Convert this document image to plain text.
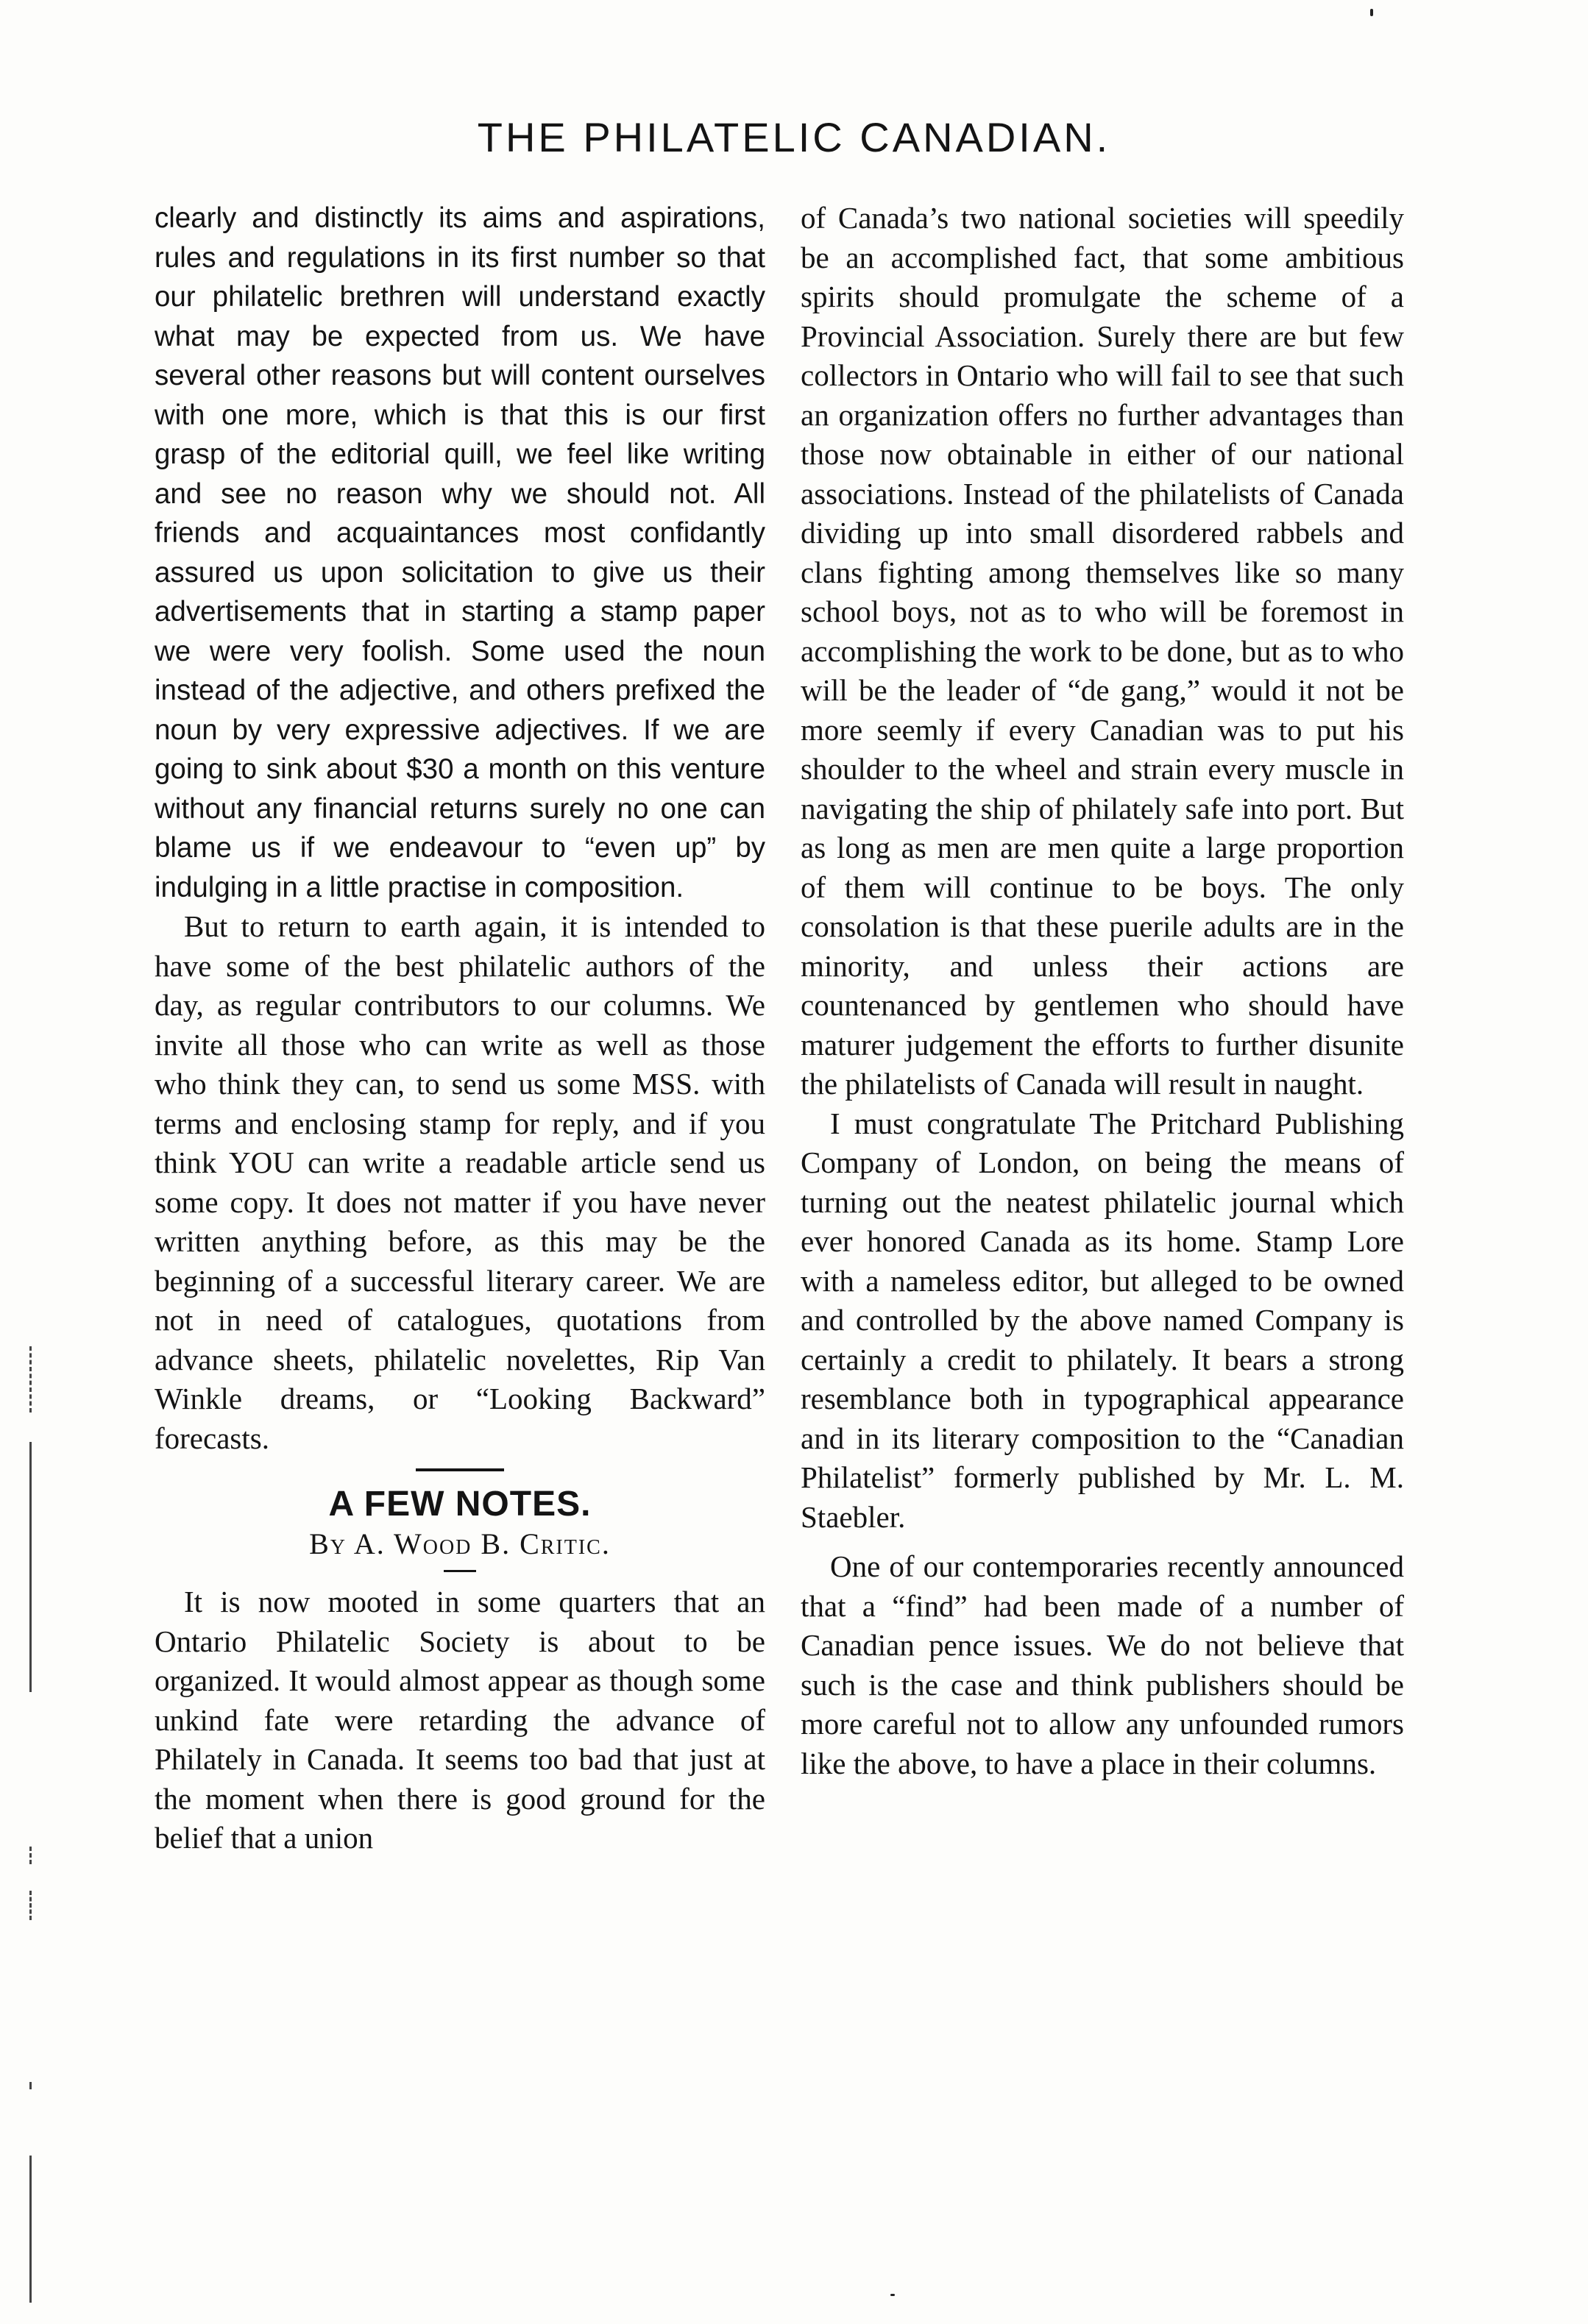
THE PHILATELIC CANADIAN.

clearly and distinctly its aims and aspirations, rules and regulations in its first number so that our philatelic brethren will understand exactly what may be expected from us. We have several other reasons but will content ourselves with one more, which is that this is our first grasp of the editorial quill, we feel like writing and see no reason why we should not. All friends and acquaintances most confidantly assured us upon solicitation to give us their advertisements that in starting a stamp paper we were very foolish. Some used the noun instead of the adjective, and others prefixed the noun by very expressive adjectives. If we are going to sink about $30 a month on this venture without any financial returns surely no one can blame us if we endeavour to “even up” by indulging in a little practise in composition.

But to return to earth again, it is intended to have some of the best philatelic authors of the day, as regular contributors to our columns. We invite all those who can write as well as those who think they can, to send us some MSS. with terms and enclosing stamp for reply, and if you think YOU can write a readable article send us some copy. It does not matter if you have never written anything before, as this may be the beginning of a successful literary career. We are not in need of catalogues, quotations from advance sheets, philatelic novelettes, Rip Van Winkle dreams, or “Looking Backward” forecasts.

A FEW NOTES.

By A. Wood B. Critic.

It is now mooted in some quarters that an Ontario Philatelic Society is about to be organized. It would almost appear as though some unkind fate were retarding the advance of Philately in Canada. It seems too bad that just at the moment when there is good ground for the belief that a union

of Canada’s two national societies will speedily be an accomplished fact, that some ambitious spirits should promulgate the scheme of a Provincial Association. Surely there are but few collectors in Ontario who will fail to see that such an organization offers no further advantages than those now obtainable in either of our national associations. Instead of the philatelists of Canada dividing up into small disordered rabbels and clans fighting among themselves like so many school boys, not as to who will be foremost in accomplishing the work to be done, but as to who will be the leader of “de gang,” would it not be more seemly if every Canadian was to put his shoulder to the wheel and strain every muscle in navigating the ship of philately safe into port. But as long as men are men quite a large proportion of them will continue to be boys. The only consolation is that these puerile adults are in the minority, and unless their actions are countenanced by gentlemen who should have maturer judgement the efforts to further disunite the philatelists of Canada will result in naught.

I must congratulate The Pritchard Publishing Company of London, on being the means of turning out the neatest philatelic journal which ever honored Canada as its home. Stamp Lore with a nameless editor, but alleged to be owned and controlled by the above named Company is certainly a credit to philately. It bears a strong resemblance both in typographical appearance and in its literary composition to the “Canadian Philatelist” formerly published by Mr. L. M. Staebler.

One of our contemporaries recently announced that a “find” had been made of a number of Canadian pence issues. We do not believe that such is the case and think publishers should be more careful not to allow any unfounded rumors like the above, to have a place in their columns.
